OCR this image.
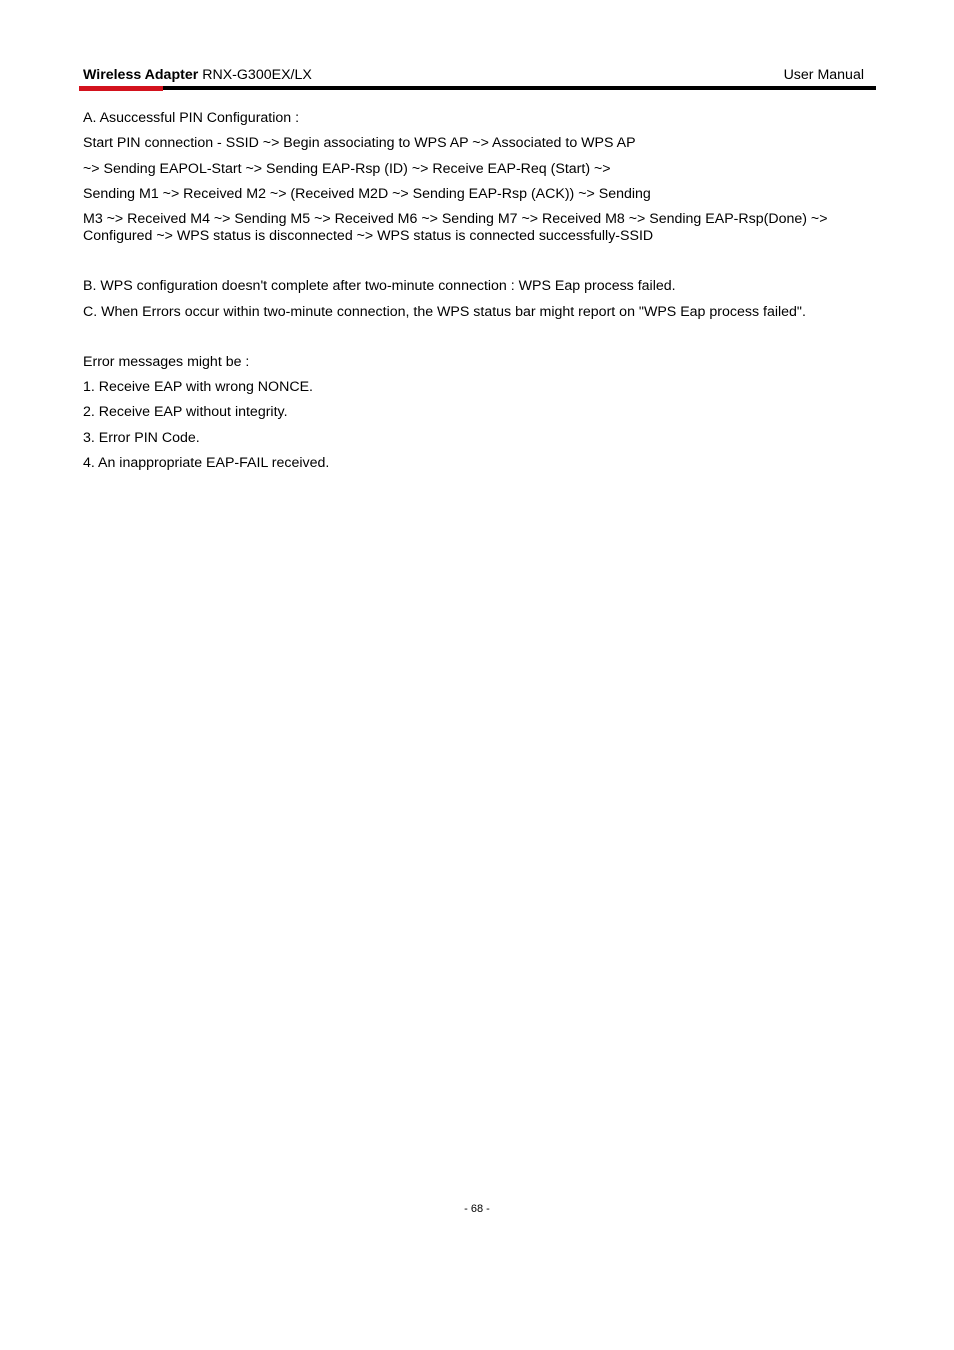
Wireless Adapter RNX-G300EX/LX	User Manual
A. Asuccessful PIN Configuration :
Start PIN connection - SSID ~> Begin associating to WPS AP ~> Associated to WPS AP
~> Sending EAPOL-Start ~> Sending EAP-Rsp (ID) ~> Receive EAP-Req (Start) ~>
Sending M1 ~> Received M2 ~> (Received M2D ~> Sending EAP-Rsp (ACK)) ~> Sending
M3 ~> Received M4 ~> Sending M5 ~> Received M6 ~> Sending M7 ~> Received M8 ~> Sending EAP-Rsp(Done) ~>
Configured ~> WPS status is disconnected ~> WPS status is connected successfully-SSID
B. WPS configuration doesn't complete after two-minute connection : WPS Eap process failed.
C. When Errors occur within two-minute connection, the WPS status bar might report on "WPS Eap process failed".
Error messages might be :
1. Receive EAP with wrong NONCE.
2. Receive EAP without integrity.
3. Error PIN Code.
4. An inappropriate EAP-FAIL received.
- 68 -
